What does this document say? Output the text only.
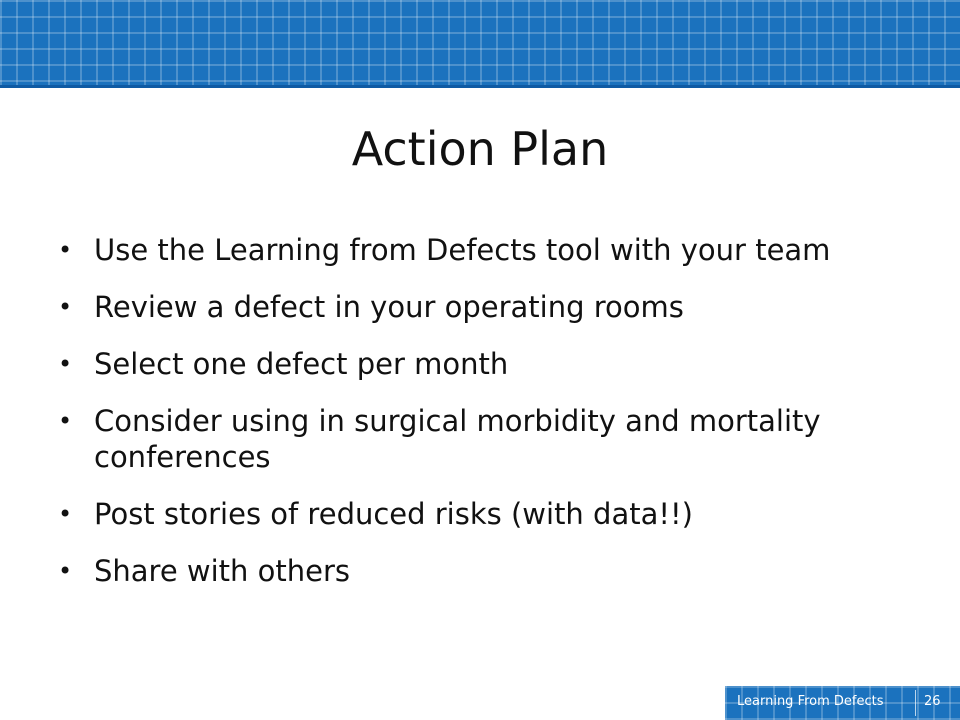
Action Plan
• Use the Learning from Defects tool with your team
• Review a defect in your operating rooms
• Select one defect per month
• Consider using in surgical morbidity and mortality conferences
• Post stories of reduced risks (with data!!)
• Share with others
Learning From Defects	26
